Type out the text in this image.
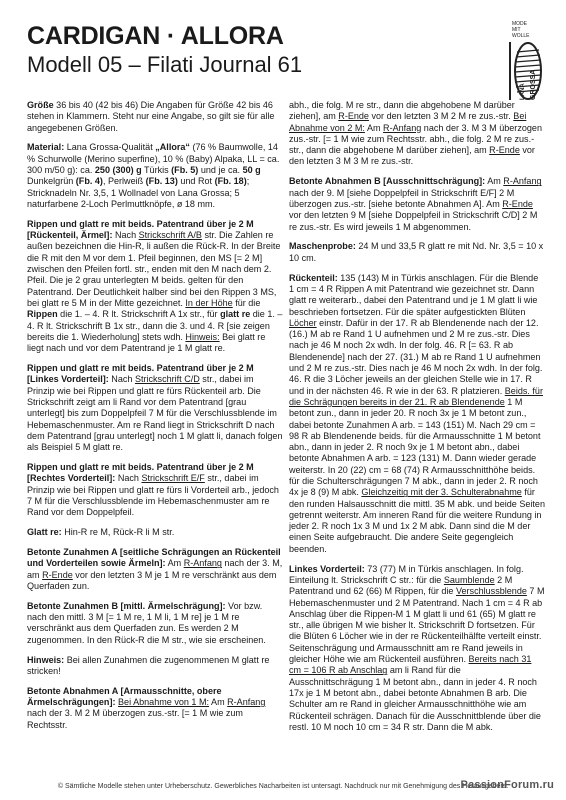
CARDIGAN · ALLORA
Modell 05 – Filati Journal 61
MODE
MIT
WOLLE
LANA GROSSA

Größe 36 bis 40 (42 bis 46) Die Angaben für Größe 42 bis 46 stehen in Klammern. Steht nur eine Angabe, so gilt sie für alle angegebenen Größen.

Material: Lana Grossa-Qualität „Allora“ (76 % Baumwolle, 14 % Schurwolle (Merino superfine), 10 % (Baby) Alpaka, LL = ca. 300 m/50 g): ca. 250 (300) g Türkis (Fb. 5) und je ca. 50 g Dunkelgrün (Fb. 4), Perlweiß (Fb. 13) und Rot (Fb. 18); Stricknadeln Nr. 3,5, 1 Wollnadel von Lana Grossa; 5 naturfarbene 2-Loch Perlmuttknöpfe, ø 18 mm.

Rippen und glatt re mit beids. Patentrand über je 2 M [Rückenteil, Ärmel]: Nach Strickschrift A/B str. Die Zahlen re außen bezeichnen die Hin-R, li außen die Rück-R. In der Breite die R mit den M vor dem 1. Pfeil beginnen, den MS [= 2 M] zwischen den Pfeilen fortl. str., enden mit den M nach dem 2. Pfeil. Die je 2 grau unterlegten M beids. gelten für den Patentrand. Der Deutlichkeit halber sind bei den Rippen 3 MS, bei glatt re 5 M in der Mitte gezeichnet. In der Höhe für die Rippen die 1. – 4. R lt. Strickschrift A 1x str., für glatt re die 1. – 4. R lt. Strickschrift B 1x str., dann die 3. und 4. R [sie zeigen bereits die 1. Wiederholung] stets wdh. Hinweis: Bei glatt re liegt nach und vor dem Patentrand je 1 M glatt re.

Rippen und glatt re mit beids. Patentrand über je 2 M [Linkes Vorderteil]: Nach Strickschrift C/D str., dabei im Prinzip wie bei Rippen und glatt re fürs Rückenteil arb. Die Strickschrift zeigt am li Rand vor dem Patentrand [grau unterlegt] bis zum Doppelpfeil 7 M für die Verschlussblende im Hebemaschenmuster. Am re Rand liegt in Strickschrift D nach dem Patentrand [grau unterlegt] noch 1 M glatt li, danach folgen als Beispiel 5 M glatt re.

Rippen und glatt re mit beids. Patentrand über je 2 M [Rechtes Vorderteil]: Nach Strickschrift E/F str., dabei im Prinzip wie bei Rippen und glatt re fürs li Vorderteil arb., jedoch 7 M für die Verschlussblende im Hebemaschenmuster am re Rand vor dem Doppelpfeil.

Glatt re: Hin-R re M, Rück-R li M str.

Betonte Zunahmen A [seitliche Schrägungen an Rückenteil und Vorderteilen sowie Ärmeln]: Am R-Anfang nach der 3. M, am R-Ende vor den letzten 3 M je 1 M re verschränkt aus dem Querfaden zun.

Betonte Zunahmen B [mittl. Ärmelschrägung]: Vor bzw. nach den mittl. 3 M [= 1 M re, 1 M li, 1 M re] je 1 M re verschränkt aus dem Querfaden zun. Es werden 2 M zugenommen. In den Rück-R die M str., wie sie erscheinen.

Hinweis: Bei allen Zunahmen die zugenommenen M glatt re stricken!

Betonte Abnahmen A [Armausschnitte, obere Ärmelschrägungen]: Bei Abnahme von 1 M: Am R-Anfang nach der 3. M 2 M überzogen zus.-str. [= 1 M wie zum Rechtsstr.

abh., die folg. M re str., dann die abgehobene M darüber ziehen], am R-Ende vor den letzten 3 M 2 M re zus.-str. Bei Abnahme von 2 M: Am R-Anfang nach der 3. M 3 M überzogen zus.-str. [= 1 M wie zum Rechtsstr. abh., die folg. 2 M re zus.-str., dann die abgehobene M darüber ziehen], am R-Ende vor den letzten 3 M 3 M re zus.-str.

Betonte Abnahmen B [Ausschnittschrägung]: Am R-Anfang nach der 9. M [siehe Doppelpfeil in Strickschrift E/F] 2 M überzogen zus.-str. [siehe betonte Abnahmen A]. Am R-Ende vor den letzten 9 M [siehe Doppelpfeil in Strickschrift C/D] 2 M re zus.-str. Es wird jeweils 1 M abgenommen.

Maschenprobe: 24 M und 33,5 R glatt re mit Nd. Nr. 3,5 = 10 x 10 cm.

Rückenteil: 135 (143) M in Türkis anschlagen. Für die Blende 1 cm = 4 R Rippen A mit Patentrand wie gezeichnet str. Dann glatt re weiterarb., dabei den Patentrand und je 1 M glatt li wie beschrieben fortsetzen. Für die später aufgestickten Blüten Löcher einstr. Dafür in der 17. R ab Blendenende nach der 12. (16.) M ab re Rand 1 U aufnehmen und 2 M re zus.-str. Dies nach je 46 M noch 2x wdh. In der folg. 46. R [= 63. R ab Blendenende] nach der 27. (31.) M ab re Rand 1 U aufnehmen und 2 M re zus.-str. Dies nach je 46 M noch 2x wdh. In der folg. 46. R die 3 Löcher jeweils an der gleichen Stelle wie in 17. R und in der nächsten 46. R wie in der 63. R platzieren. Beids. für die Schrägungen bereits in der 21. R ab Blendenende 1 M betont zun., dann in jeder 20. R noch 3x je 1 M betont zun., dabei betonte Zunahmen A arb. = 143 (151) M. Nach 29 cm = 98 R ab Blendenende beids. für die Armausschnitte 1 M betont abn., dann in jeder 2. R noch 9x je 1 M betont abn., dabei betonte Abnahmen A arb. = 123 (131) M. Dann wieder gerade weiterstr. In 20 (22) cm = 68 (74) R Armausschnitthöhe beids. für die Schulterschrägungen 7 M abk., dann in jeder 2. R noch 4x je 8 (9) M abk. Gleichzeitig mit der 3. Schulterabnahme für den runden Halsausschnitt die mittl. 35 M abk. und beide Seiten getrennt weiterstr. Am inneren Rand für die weitere Rundung in jeder 2. R noch 1x 3 M und 1x 2 M abk. Dann sind die M der einen Seite aufgebraucht. Die andere Seite gegengleich beenden.

Linkes Vorderteil: 73 (77) M in Türkis anschlagen. In folg. Einteilung lt. Strickschrift C str.: für die Saumblende 2 M Patentrand und 62 (66) M Rippen, für die Verschlussblende 7 M Hebemaschenmuster und 2 M Patentrand. Nach 1 cm = 4 R ab Anschlag über die Rippen-M 1 M glatt li und 61 (65) M glatt re str., alle übrigen M wie bisher lt. Strickschrift D fortsetzen. Für die Blüten 6 Löcher wie in der re Rückenteilhälfte verteilt einstr. Seitenschrägung und Armausschnitt am re Rand jeweils in gleicher Höhe wie am Rückenteil ausführen. Bereits nach 31 cm = 106 R ab Anschlag am li Rand für die Ausschnittschrägung 1 M betont abn., dann in jeder 4. R noch 17x je 1 M betont abn., dabei betonte Abnahmen B arb. Die Schulter am re Rand in gleicher Armausschnitthöhe wie am Rückenteil schrägen. Danach für die Ausschnittblende über die restl. 10 M noch 10 cm = 34 R str. Dann die M abk.

© Sämtliche Modelle stehen unter Urheberschutz. Gewerbliches Nacharbeiten ist untersagt. Nachdruck nur mit Genehmigung des Herausgebers.
PassionForum.ru
